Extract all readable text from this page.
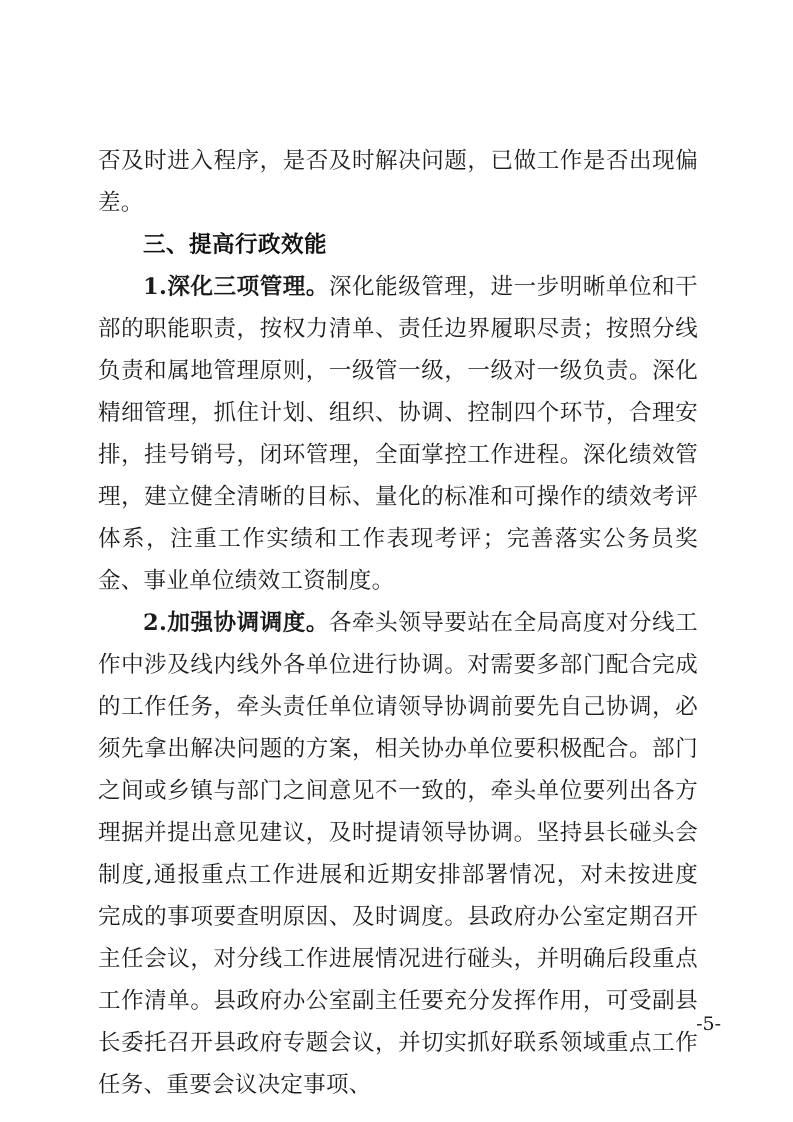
否及时进入程序，是否及时解决问题，已做工作是否出现偏差。

三、提高行政效能

1.深化三项管理。深化能级管理，进一步明晰单位和干部的职能职责，按权力清单、责任边界履职尽责；按照分线负责和属地管理原则，一级管一级，一级对一级负责。深化精细管理，抓住计划、组织、协调、控制四个环节，合理安排，挂号销号，闭环管理，全面掌控工作进程。深化绩效管理，建立健全清晰的目标、量化的标准和可操作的绩效考评体系，注重工作实绩和工作表现考评；完善落实公务员奖金、事业单位绩效工资制度。

2.加强协调调度。各牵头领导要站在全局高度对分线工作中涉及线内线外各单位进行协调。对需要多部门配合完成的工作任务，牵头责任单位请领导协调前要先自己协调，必须先拿出解决问题的方案，相关协办单位要积极配合。部门之间或乡镇与部门之间意见不一致的，牵头单位要列出各方理据并提出意见建议，及时提请领导协调。坚持县长碰头会制度,通报重点工作进展和近期安排部署情况，对未按进度完成的事项要查明原因、及时调度。县政府办公室定期召开主任会议，对分线工作进展情况进行碰头，并明确后段重点工作清单。县政府办公室副主任要充分发挥作用，可受副县长委托召开县政府专题会议，并切实抓好联系领域重点工作任务、重要会议决定事项、

-5-
